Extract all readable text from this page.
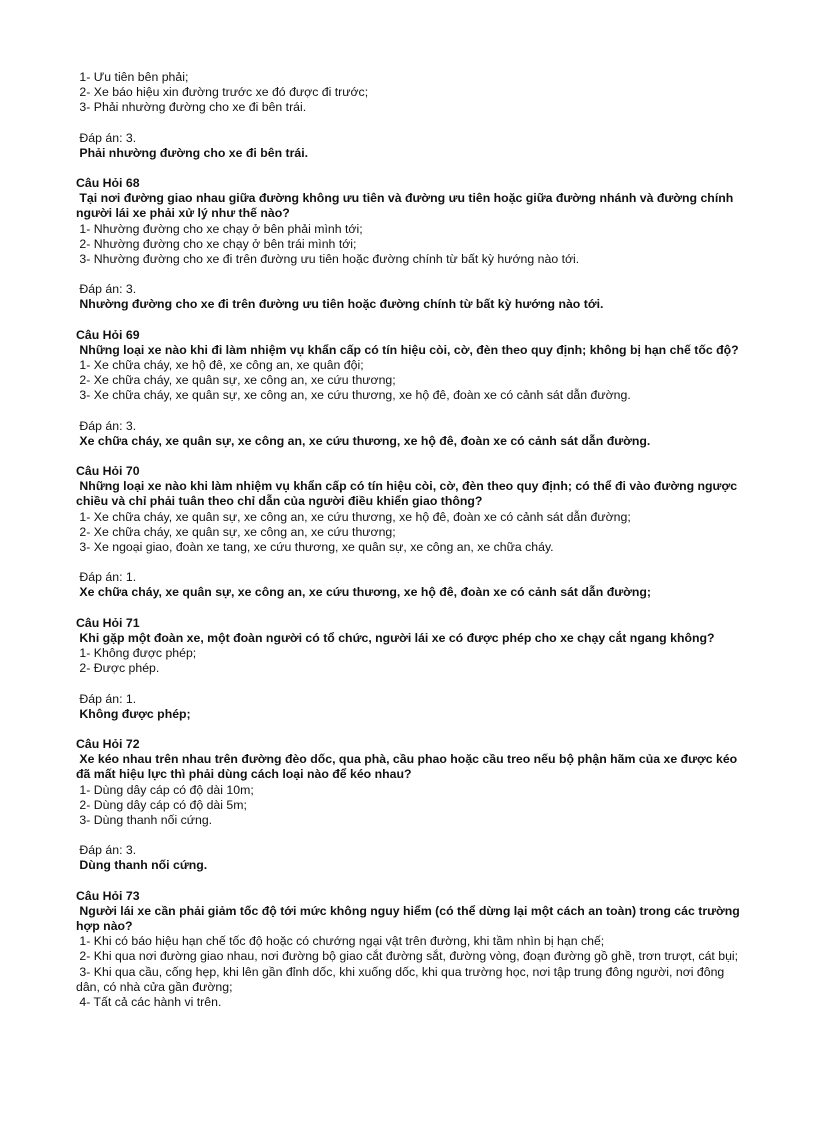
1- Ưu tiên bên phải;
2- Xe báo hiệu xin đường trước xe đó được đi trước;
3- Phải nhường đường cho xe đi bên trái.
Đáp án: 3.
Phải nhường đường cho xe đi bên trái.
Câu Hỏi 68
Tại nơi đường giao nhau giữa đường không ưu tiên và đường ưu tiên hoặc giữa đường nhánh và đường chính người lái xe phải xử lý như thế nào?
1- Nhường đường cho xe chạy ở bên phải mình tới;
2- Nhường đường cho xe chạy ở bên trái mình tới;
3- Nhường đường cho xe đi trên đường ưu tiên hoặc đường chính từ bất kỳ hướng nào tới.
Đáp án: 3.
Nhường đường cho xe đi trên đường ưu tiên hoặc đường chính từ bất kỳ hướng nào tới.
Câu Hỏi 69
Những loại xe nào khi đi làm nhiệm vụ khẩn cấp có tín hiệu còi, cờ, đèn theo quy định; không bị hạn chế tốc độ?
1- Xe chữa cháy, xe hộ đê, xe công an, xe quân đội;
2- Xe chữa cháy, xe quân sự, xe công an, xe cứu thương;
3- Xe chữa cháy, xe quân sự, xe công an, xe cứu thương, xe hộ đê, đoàn xe có cảnh sát dẫn đường.
Đáp án: 3.
Xe chữa cháy, xe quân sự, xe công an, xe cứu thương, xe hộ đê, đoàn xe có cảnh sát dẫn đường.
Câu Hỏi 70
Những loại xe nào khi làm nhiệm vụ khẩn cấp có tín hiệu còi, cờ, đèn theo quy định; có thể đi vào đường ngược chiều và chỉ phải tuân theo chỉ dẫn của người điều khiển giao thông?
1- Xe chữa cháy, xe quân sự, xe công an, xe cứu thương, xe hộ đê, đoàn xe có cảnh sát dẫn đường;
2- Xe chữa cháy, xe quân sự, xe công an, xe cứu thương;
3- Xe ngoại giao, đoàn xe tang, xe cứu thương, xe quân sự, xe công an, xe chữa cháy.
Đáp án: 1.
Xe chữa cháy, xe quân sự, xe công an, xe cứu thương, xe hộ đê, đoàn xe có cảnh sát dẫn đường;
Câu Hỏi 71
Khi gặp một đoàn xe, một đoàn người có tổ chức, người lái xe có được phép cho xe chạy cắt ngang không?
1- Không được phép;
2- Được phép.
Đáp án: 1.
Không được phép;
Câu Hỏi 72
Xe kéo nhau trên nhau trên đường đèo dốc, qua phà, cầu phao hoặc cầu treo nếu bộ phận hãm của xe được kéo đã mất hiệu lực thì phải dùng cách loại nào để kéo nhau?
1- Dùng dây cáp có độ dài 10m;
2- Dùng dây cáp có độ dài 5m;
3- Dùng thanh nối cứng.
Đáp án: 3.
Dùng thanh nối cứng.
Câu Hỏi 73
Người lái xe cần phải giảm tốc độ tới mức không nguy hiểm (có thể dừng lại một cách an toàn) trong các trường hợp nào?
1- Khi có báo hiệu hạn chế tốc độ hoặc có chướng ngại vật trên đường, khi tầm nhìn bị hạn chế;
2- Khi qua nơi đường giao nhau, nơi đường bộ giao cắt đường sắt, đường vòng, đoạn đường gồ ghề, trơn trượt, cát bụi;
3- Khi qua cầu, cống hẹp, khi lên gần đỉnh dốc, khi xuống dốc, khi qua trường học, nơi tập trung đông người, nơi đông dân, có nhà cửa gần đường;
4- Tất cả các hành vi trên.
